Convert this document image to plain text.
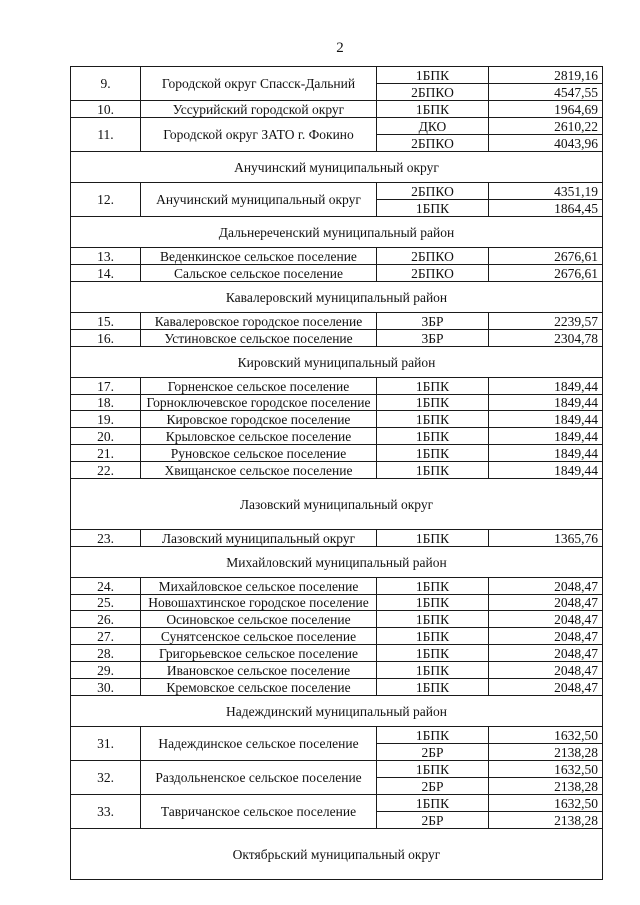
2
9.	Городской округ Спасск-Дальний	1БПК	2819,16
		2БПКО	4547,55
10.	Уссурийский городской округ	1БПК	1964,69
11.	Городской округ ЗАТО г. Фокино	ДКО	2610,22
		2БПКО	4043,96
Анучинский муниципальный округ			
12.	Анучинский муниципальный округ	2БПКО	4351,19
		1БПК	1864,45
Дальнереченский муниципальный район			
13.	Веденкинское сельское поселение	2БПКО	2676,61
14.	Сальское сельское поселение	2БПКО	2676,61
Кавалеровский муниципальный район			
15.	Кавалеровское городское поселение	3БР	2239,57
16.	Устиновское сельское поселение	3БР	2304,78
Кировский муниципальный район			
17.	Горненское сельское поселение	1БПК	1849,44
18.	Горноключевское городское поселение	1БПК	1849,44
19.	Кировское городское поселение	1БПК	1849,44
20.	Крыловское сельское поселение	1БПК	1849,44
21.	Руновское сельское поселение	1БПК	1849,44
22.	Хвищанское сельское поселение	1БПК	1849,44
Лазовский муниципальный округ			
23.	Лазовский муниципальный округ	1БПК	1365,76
Михайловский муниципальный район			
24.	Михайловское сельское поселение	1БПК	2048,47
25.	Новошахтинское городское поселение	1БПК	2048,47
26.	Осиновское сельское поселение	1БПК	2048,47
27.	Сунятсенское сельское поселение	1БПК	2048,47
28.	Григорьевское сельское поселение	1БПК	2048,47
29.	Ивановское сельское поселение	1БПК	2048,47
30.	Кремовское сельское поселение	1БПК	2048,47
Надеждинский муниципальный район			
31.	Надеждинское сельское поселение	1БПК	1632,50
		2БР	2138,28
32.	Раздольненское сельское поселение	1БПК	1632,50
		2БР	2138,28
33.	Тавричанское сельское поселение	1БПК	1632,50
		2БР	2138,28
Октябрьский муниципальный округ			
